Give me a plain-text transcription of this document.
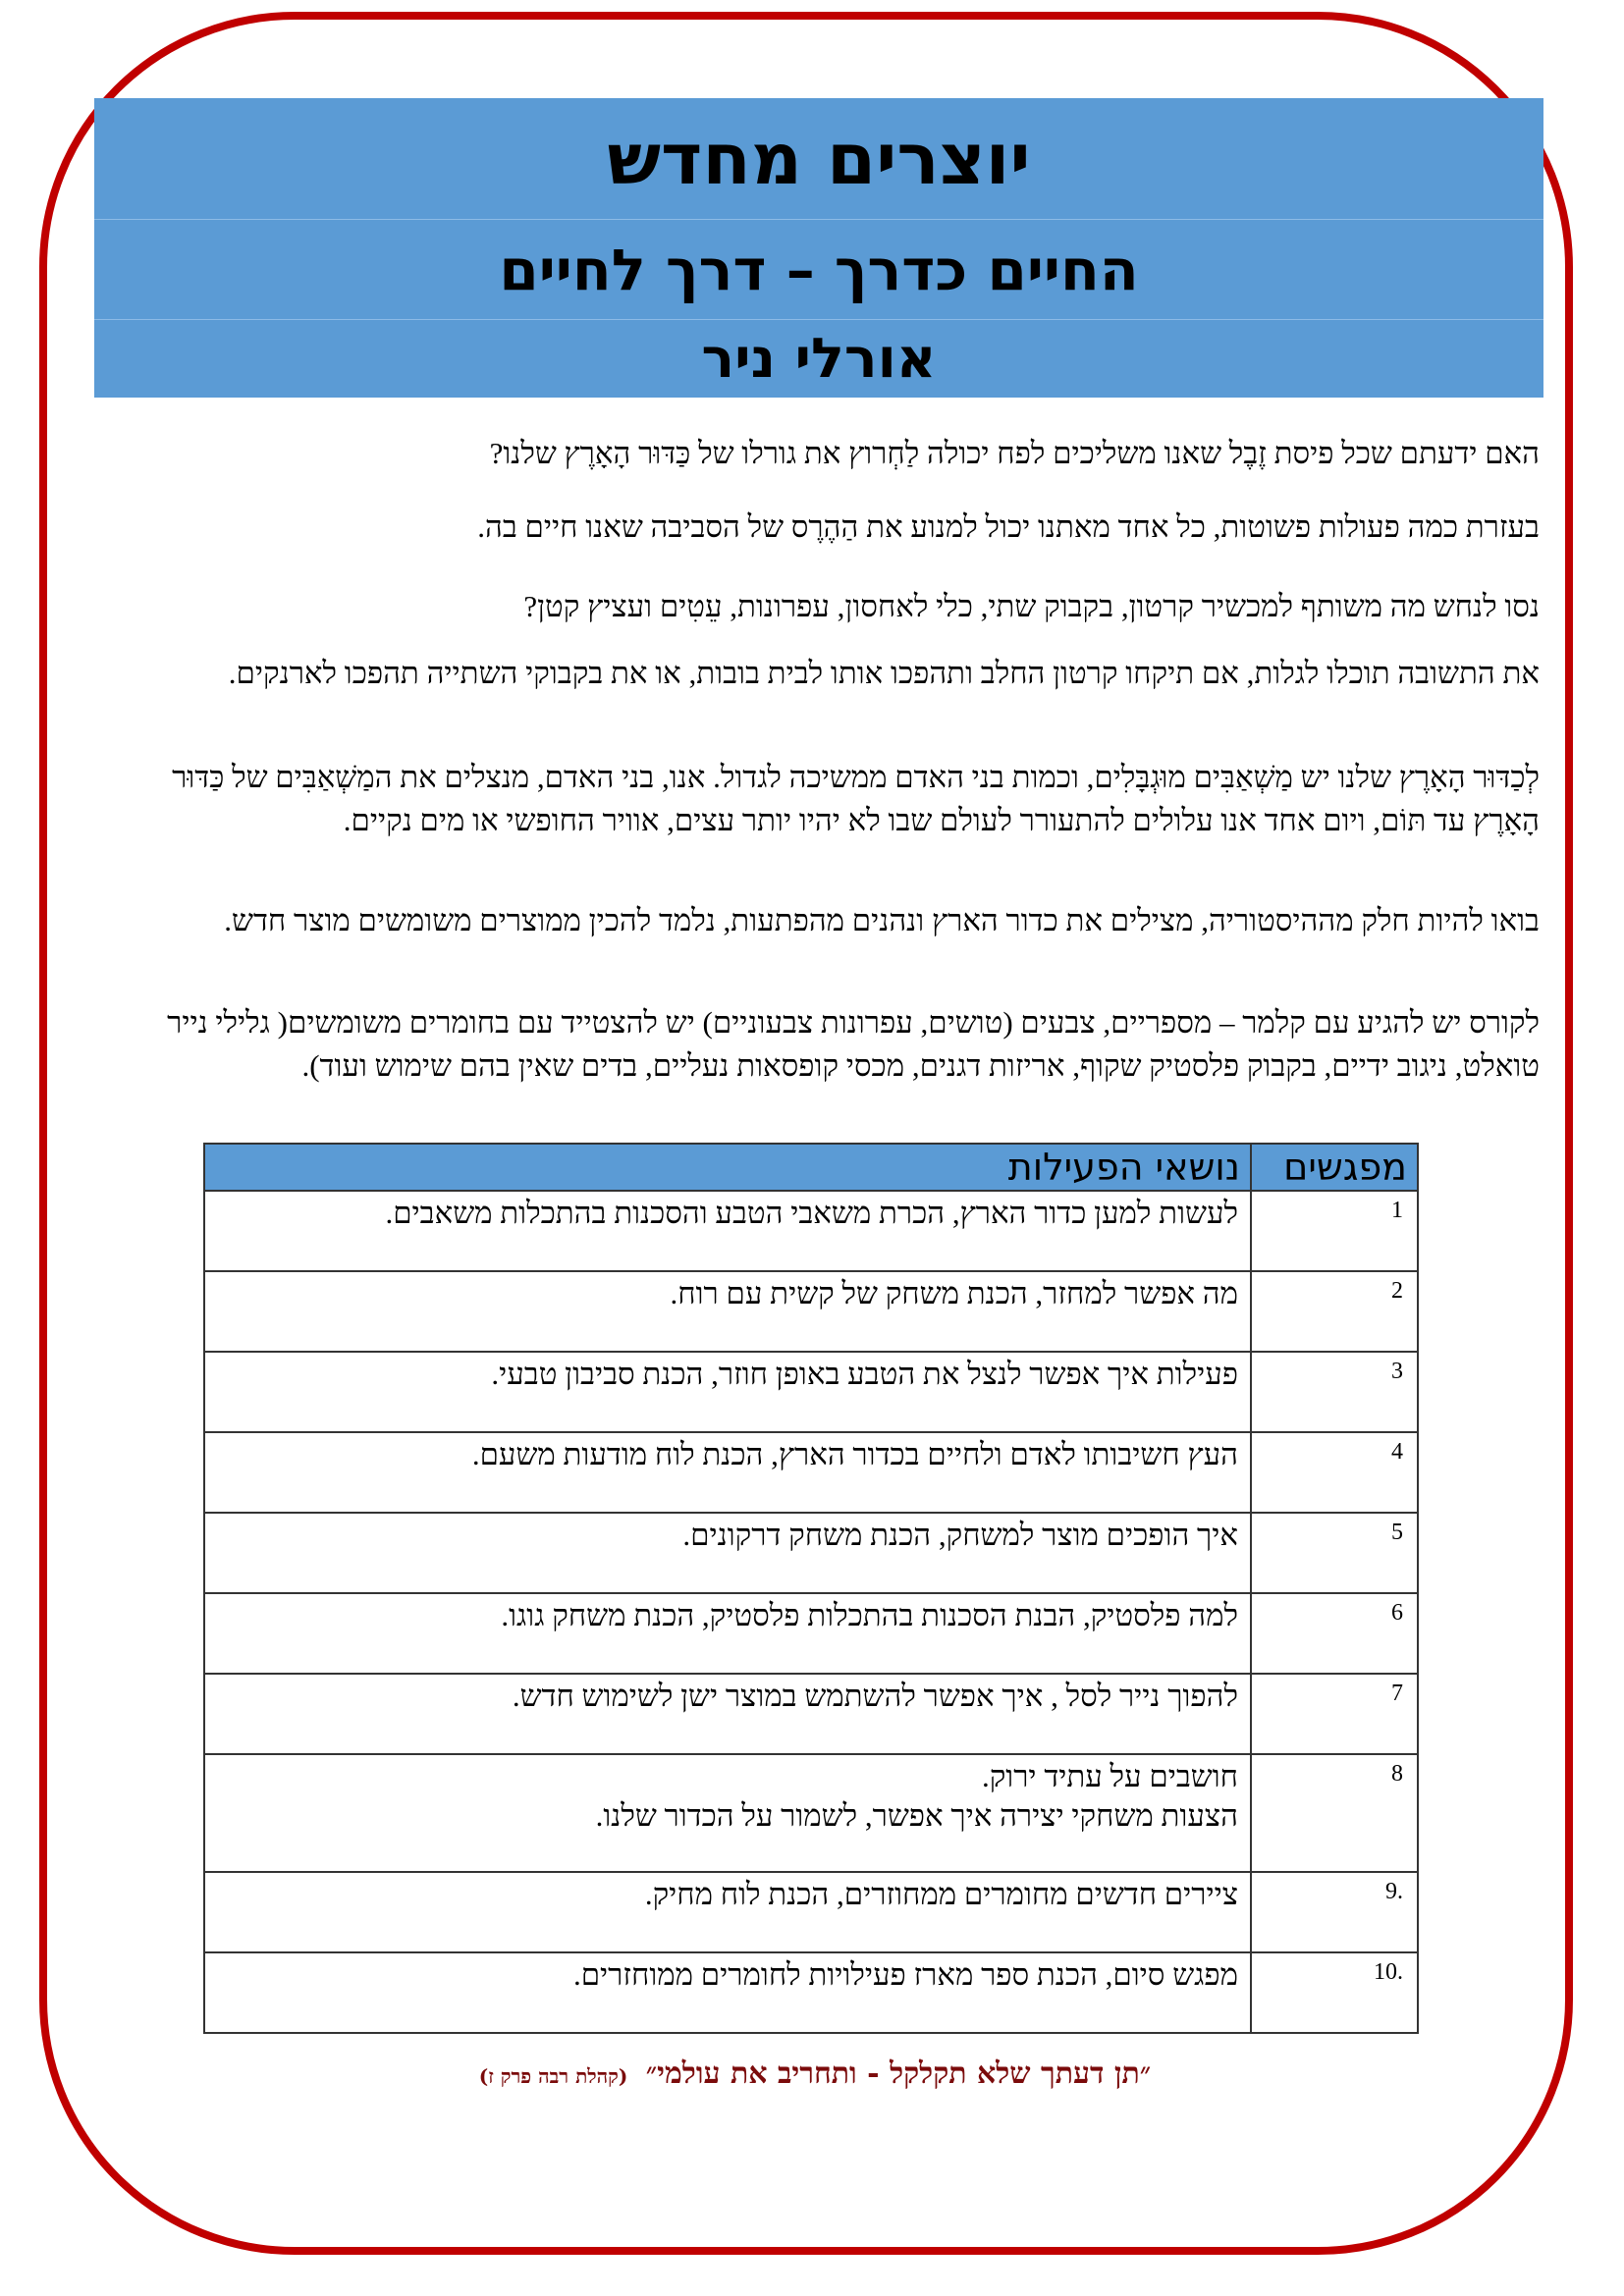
יוצרים מחדש
החיים כדרך – דרך לחיים
אורלי ניר
האם ידעתם שכל פיסת זֶבֶל שאנו משליכים לפח יכולה לַחְרוץ את גורלו של כַּדּוּר הָאָרֶץ שלנו?
בעזרת כמה פעולות פשוטות, כל אחד מאתנו יכול למנוע את הַהֶרֶס של הסביבה שאנו חיים בה.
נסו לנחש מה משותף למכשיר קרטון, בקבוק שתי, כלי לאחסון, עפרונות, עֵטִים ועציץ קטן?
את התשובה תוכלו לגלות, אם תיקחו קרטון החלב ותהפכו אותו לבית בובות, או את בקבוקי השתייה תהפכו לארנקים.
לְכַדּוּר הָאָרֶץ שלנו יש מַשְׁאַבִּים מוּגְבָּלִים, וכמות בני האדם ממשיכה לגדול. אנו, בני האדם, מנצלים את המַשְׁאַבִּים של כַּדּוּר הָאָרֶץ עד תּוֹם, ויום אחד אנו עלולים להתעורר לעולם שבו לא יהיו יותר עצים, אוויר החופשי או מים נקיים.
בואו להיות חלק מההיסטוריה, מצילים את כדור הארץ ונהנים מהפתעות, נלמד להכין ממוצרים משומשים מוצר חדש.
לקורס יש להגיע עם קלמר – מספריים, צבעים (טושים, עפרונות צבעוניים) יש להצטייד עם בחומרים משומשים( גלילי נייר טואלט, ניגוב ידיים, בקבוק פלסטיק שקוף, אריזות דגנים, מכסי קופסאות נעליים, בדים שאין בהם שימוש ועוד).
מפגשים	נושאי הפעילות
1	לעשות למען כדור הארץ, הכרת משאבי הטבע והסכנות בהתכלות משאבים.
2	מה אפשר למחזר, הכנת משחק של קשית עם רוח.
3	פעילות איך אפשר לנצל את הטבע באופן חוזר, הכנת סביבון טבעי.
4	העץ חשיבותו לאדם ולחיים בכדור הארץ, הכנת לוח מודעות משעם.
5	איך הופכים מוצר למשחק, הכנת משחק דרקונים.
6	למה פלסטיק, הבנת הסכנות בהתכלות פלסטיק, הכנת משחק גוגו.
7	להפוך נייר לסל , איך אפשר להשתמש במוצר ישן לשימוש חדש.
8	חושבים על עתיד ירוק.
הצעות משחקי יצירה איך אפשר, לשמור על הכדור שלנו.

.9	ציירים חדשים מחומרים ממחוזרים, הכנת לוח מחיק.
.10	מפגש סיום, הכנת ספר מארז פעילויות לחומרים ממוחזרים.
״תן דעתך שלא תקלקל - ותחריב את עולמי״ (קהלת רבה פרק ז)
